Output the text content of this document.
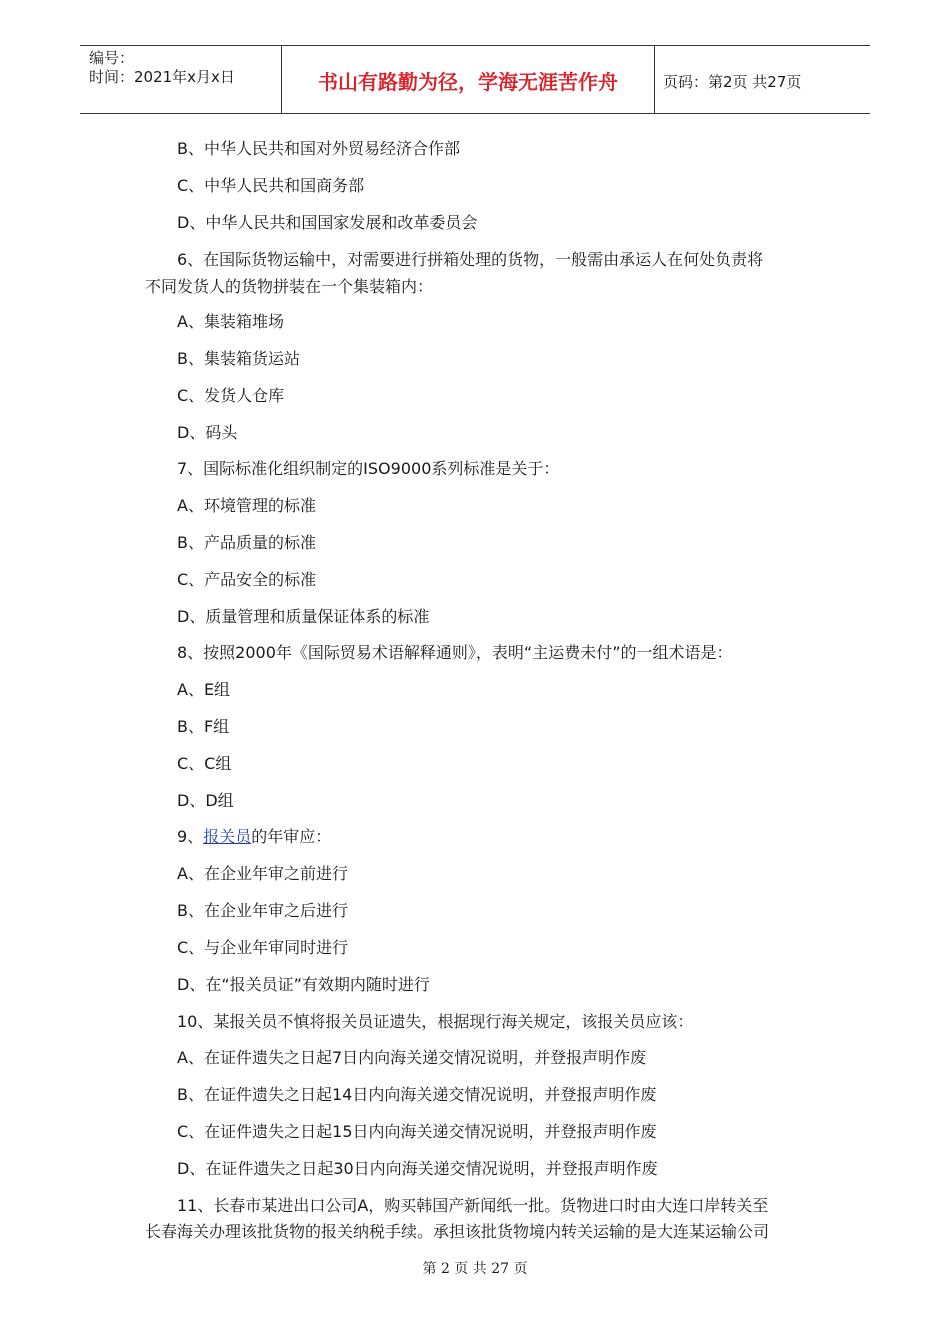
编号：
时间：2021年x月x日	书山有路勤为径，学海无涯苦作舟	页码：第2页 共27页
B、中华人民共和国对外贸易经济合作部
C、中华人民共和国商务部
D、中华人民共和国国家发展和改革委员会
6、在国际货物运输中，对需要进行拼箱处理的货物，一般需由承运人在何处负责将
不同发货人的货物拼装在一个集装箱内：
A、集装箱堆场
B、集装箱货运站
C、发货人仓库
D、码头
7、国际标准化组织制定的ISO9000系列标准是关于：
A、环境管理的标准
B、产品质量的标准
C、产品安全的标准
D、质量管理和质量保证体系的标准
8、按照2000年《国际贸易术语解释通则》，表明“主运费未付”的一组术语是：
A、E组
B、F组
C、C组
D、D组
9、报关员的年审应：
A、在企业年审之前进行
B、在企业年审之后进行
C、与企业年审同时进行
D、在“报关员证”有效期内随时进行
10、某报关员不慎将报关员证遗失，根据现行海关规定，该报关员应该：
A、在证件遗失之日起7日内向海关递交情况说明，并登报声明作废
B、在证件遗失之日起14日内向海关递交情况说明，并登报声明作废
C、在证件遗失之日起15日内向海关递交情况说明，并登报声明作废
D、在证件遗失之日起30日内向海关递交情况说明，并登报声明作废
11、长春市某进出口公司A，购买韩国产新闻纸一批。货物进口时由大连口岸转关至
长春海关办理该批货物的报关纳税手续。承担该批货物境内转关运输的是大连某运输公司
第 2 页 共 27 页
